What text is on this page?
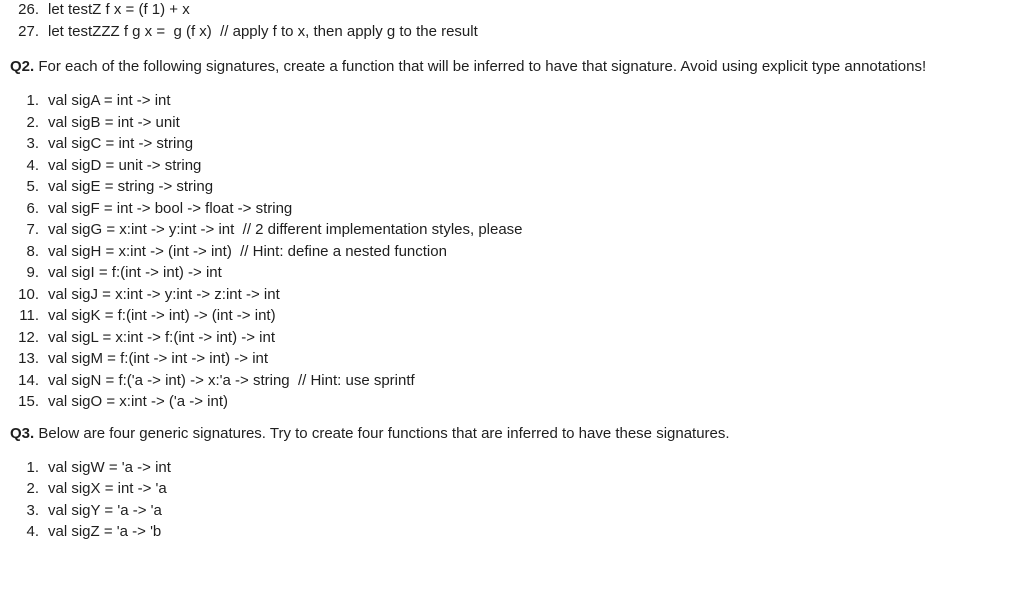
26. let testZ f x = (f 1) + x
27. let testZZZ f g x =  g (f x)  // apply f to x, then apply g to the result

Q2. For each of the following signatures, create a function that will be inferred to have that signature. Avoid using explicit type annotations!

1. val sigA = int -> int
2. val sigB = int -> unit
3. val sigC = int -> string
4. val sigD = unit -> string
5. val sigE = string -> string
6. val sigF = int -> bool -> float -> string
7. val sigG = x:int -> y:int -> int  // 2 different implementation styles, please
8. val sigH = x:int -> (int -> int)  // Hint: define a nested function
9. val sigI = f:(int -> int) -> int
10. val sigJ = x:int -> y:int -> z:int -> int
11. val sigK = f:(int -> int) -> (int -> int)
12. val sigL = x:int -> f:(int -> int) -> int
13. val sigM = f:(int -> int -> int) -> int
14. val sigN = f:('a -> int) -> x:'a -> string  // Hint: use sprintf
15. val sigO = x:int -> ('a -> int)

Q3. Below are four generic signatures. Try to create four functions that are inferred to have these signatures.

1. val sigW = 'a -> int
2. val sigX = int -> 'a
3. val sigY = 'a -> 'a
4. val sigZ = 'a -> 'b
